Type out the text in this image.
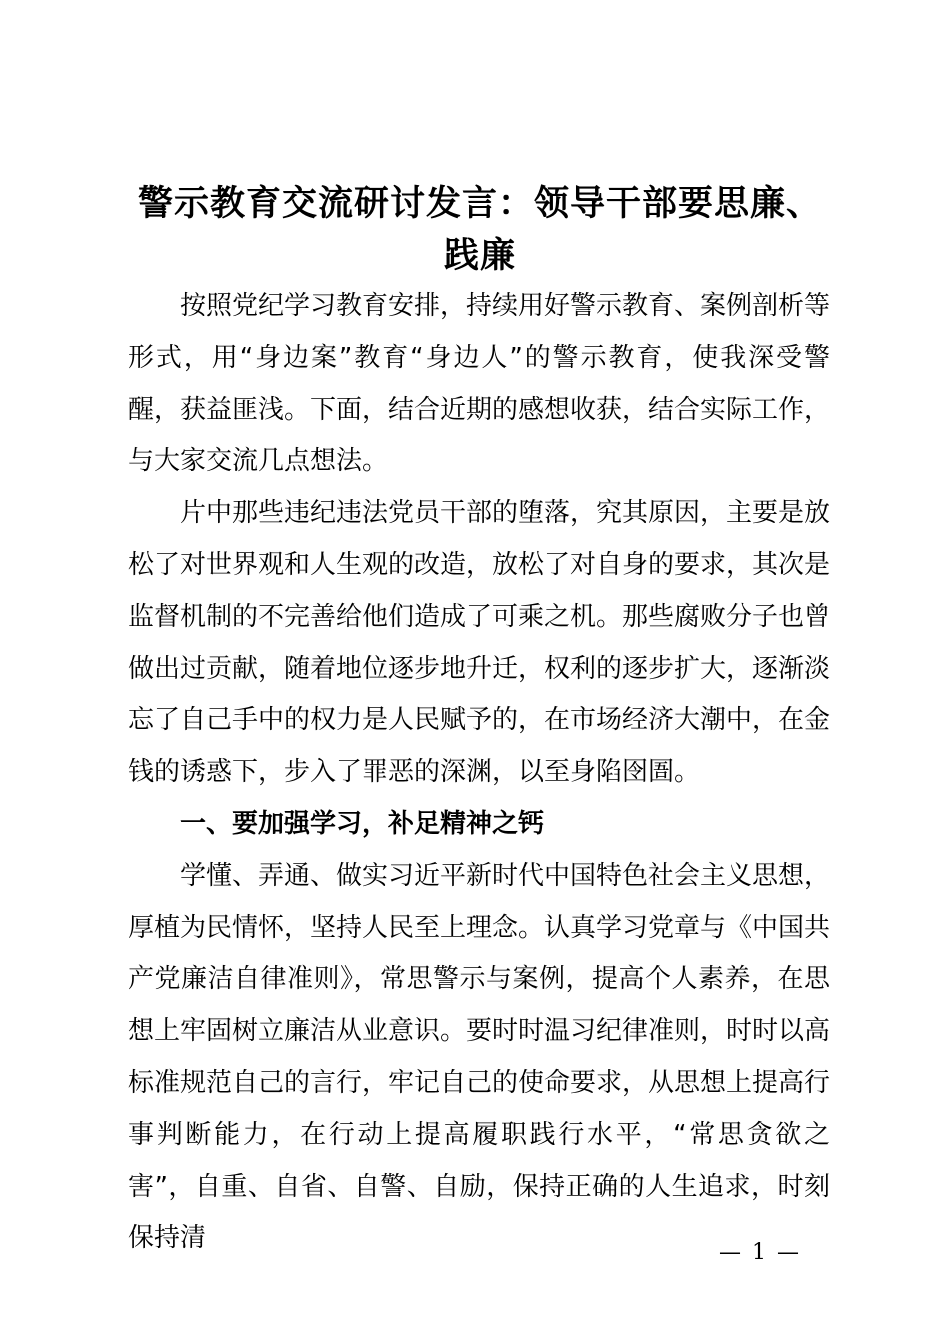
警示教育交流研讨发言：领导干部要思廉、践廉

按照党纪学习教育安排，持续用好警示教育、案例剖析等形式，用“身边案”教育“身边人”的警示教育，使我深受警醒，获益匪浅。下面，结合近期的感想收获，结合实际工作，与大家交流几点想法。

片中那些违纪违法党员干部的堕落，究其原因，主要是放松了对世界观和人生观的改造，放松了对自身的要求，其次是监督机制的不完善给他们造成了可乘之机。那些腐败分子也曾做出过贡献，随着地位逐步地升迁，权利的逐步扩大，逐渐淡忘了自己手中的权力是人民赋予的，在市场经济大潮中，在金钱的诱惑下，步入了罪恶的深渊，以至身陷囹圄。

一、要加强学习，补足精神之钙

学懂、弄通、做实习近平新时代中国特色社会主义思想，厚植为民情怀，坚持人民至上理念。认真学习党章与《中国共产党廉洁自律准则》，常思警示与案例，提高个人素养，在思想上牢固树立廉洁从业意识。要时时温习纪律准则，时时以高标准规范自己的言行，牢记自己的使命要求，从思想上提高行事判断能力，在行动上提高履职践行水平，“常思贪欲之害”，自重、自省、自警、自励，保持正确的人生追求，时刻保持清	— 1 —
